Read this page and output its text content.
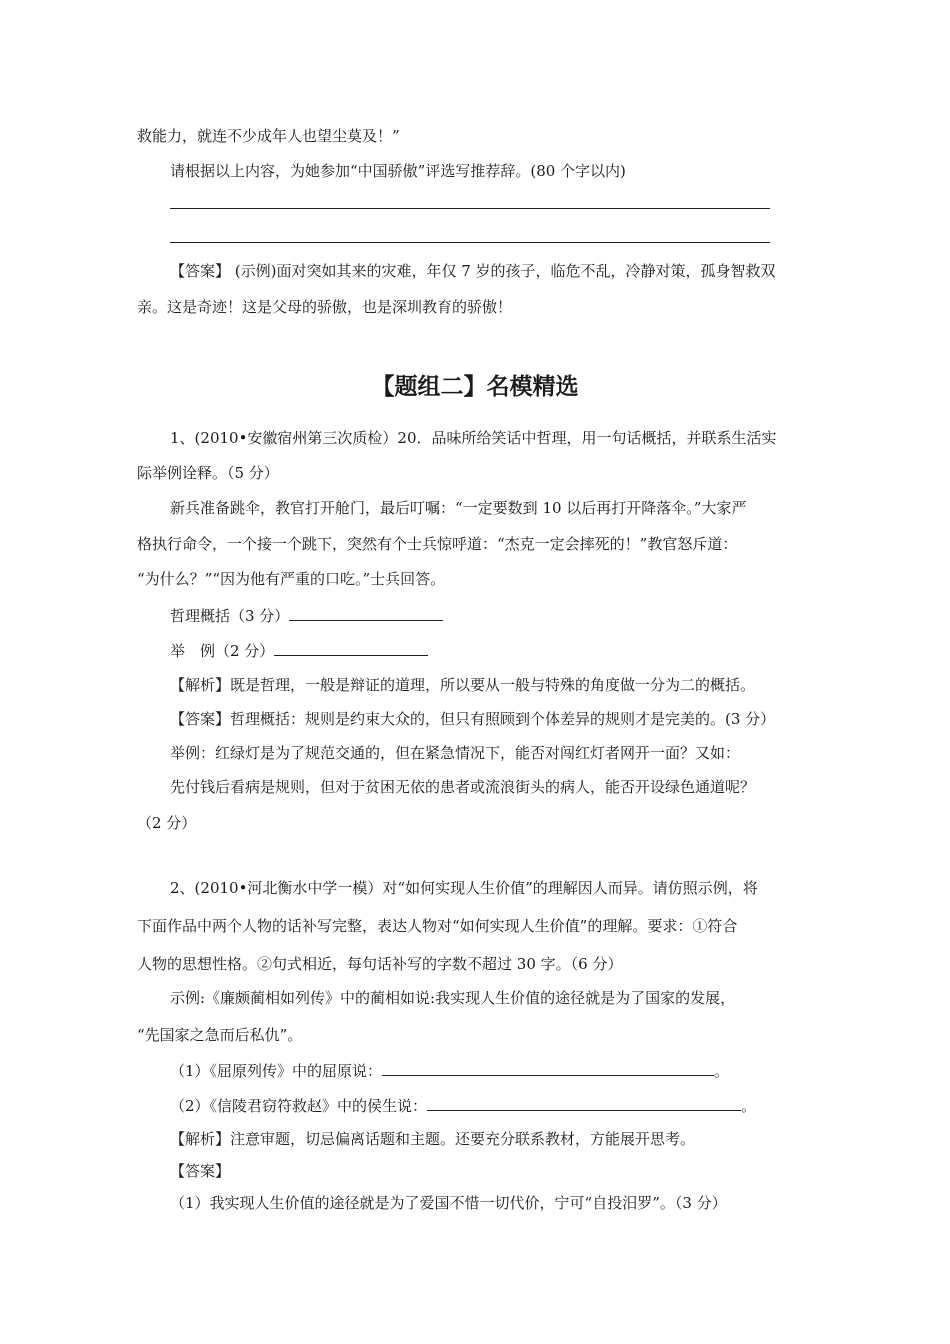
救能力，就连不少成年人也望尘莫及！”
请根据以上内容，为她参加“中国骄傲”评选写推荐辞。(80 个字以内)
【答案】 (示例)面对突如其来的灾难，年仅 7 岁的孩子，临危不乱，冷静对策，孤身智救双
亲。这是奇迹！这是父母的骄傲，也是深圳教育的骄傲！
【题组二】名模精选
1、(2010•安徽宿州第三次质检）20．品味所给笑话中哲理，用一句话概括，并联系生活实
际举例诠释。（5 分）
新兵准备跳伞，教官打开舱门，最后叮嘱：“一定要数到 10 以后再打开降落伞。”大家严
格执行命令，一个接一个跳下，突然有个士兵惊呼道：“杰克一定会摔死的！”教官怒斥道：
“为什么？”“因为他有严重的口吃。”士兵回答。
哲理概括（3 分）
举　例（2 分）
【解析】既是哲理，一般是辩证的道理，所以要从一般与特殊的角度做一分为二的概括。
【答案】哲理概括：规则是约束大众的，但只有照顾到个体差异的规则才是完美的。(3 分）
举例：红绿灯是为了规范交通的，但在紧急情况下，能否对闯红灯者网开一面？又如：
先付钱后看病是规则，但对于贫困无依的患者或流浪街头的病人，能否开设绿色通道呢？
（2 分）
2、(2010•河北衡水中学一模）对“如何实现人生价值”的理解因人而异。请仿照示例，将
下面作品中两个人物的话补写完整，表达人物对“如何实现人生价值”的理解。要求：①符合
人物的思想性格。②句式相近，每句话补写的字数不超过 30 字。（6 分）
示例:《廉颇蔺相如列传》中的蔺相如说:我实现人生价值的途径就是为了国家的发展，
“先国家之急而后私仇”。
（1）《屈原列传》中的屈原说：	。
（2）《信陵君窃符救赵》中的侯生说：	。
【解析】注意审题，切忌偏离话题和主题。还要充分联系教材，方能展开思考。
【答案】
（1）我实现人生价值的途径就是为了爱国不惜一切代价，宁可“自投汨罗”。（3 分）
